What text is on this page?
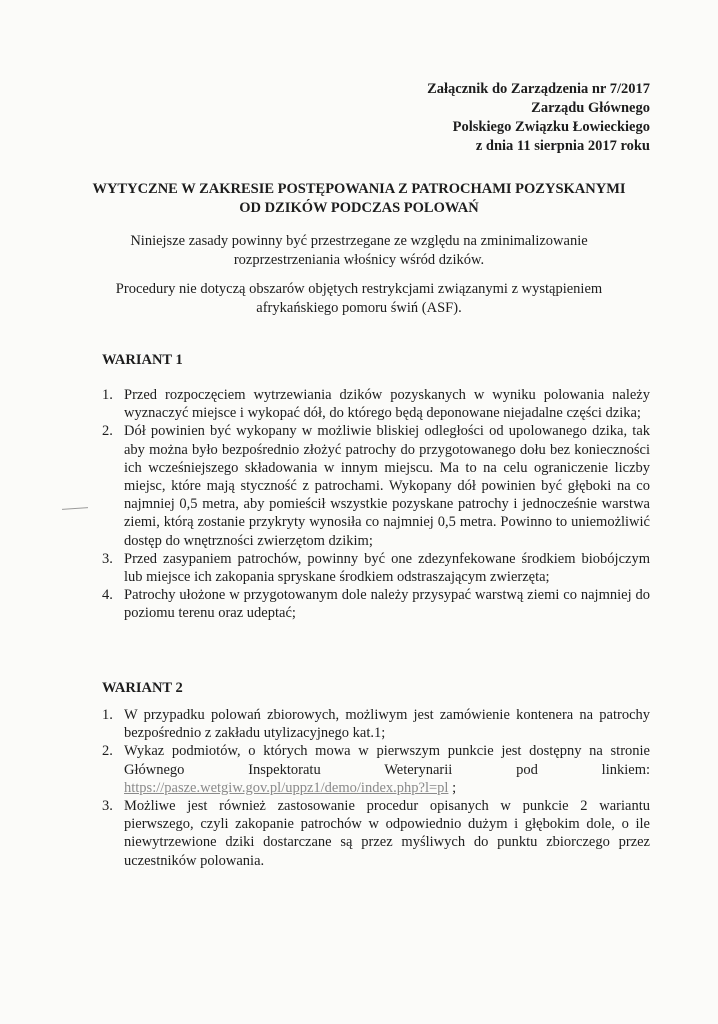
Załącznik do Zarządzenia nr 7/2017
Zarządu Głównego
Polskiego Związku Łowieckiego
z dnia 11 sierpnia 2017 roku
WYTYCZNE W ZAKRESIE POSTĘPOWANIA Z PATROCHAMI POZYSKANYMI
OD DZIKÓW PODCZAS POLOWAŃ
Niniejsze zasady powinny być przestrzegane ze względu na zminimalizowanie
rozprzestrzeniania włośnicy wśród dzików.
Procedury nie dotyczą obszarów objętych restrykcjami związanymi z wystąpieniem
afrykańskiego pomoru świń (ASF).
WARIANT 1
1. Przed rozpoczęciem wytrzewiania dzików pozyskanych w wyniku polowania należy wyznaczyć miejsce i wykopać dół, do którego będą deponowane niejadalne części dzika;
2. Dół powinien być wykopany w możliwie bliskiej odległości od upolowanego dzika, tak aby można było bezpośrednio złożyć patrochy do przygotowanego dołu bez konieczności ich wcześniejszego składowania w innym miejscu. Ma to na celu ograniczenie liczby miejsc, które mają styczność z patrochami. Wykopany dół powinien być głęboki na co najmniej 0,5 metra, aby pomieścił wszystkie pozyskane patrochy i jednocześnie warstwa ziemi, którą zostanie przykryty wynosiła co najmniej 0,5 metra. Powinno to uniemożliwić dostęp do wnętrzności zwierzętom dzikim;
3. Przed zasypaniem patrochów, powinny być one zdezynfekowane środkiem biobójczym lub miejsce ich zakopania spryskane środkiem odstraszającym zwierzęta;
4. Patrochy ułożone w przygotowanym dole należy przysypać warstwą ziemi co najmniej do poziomu terenu oraz udeptać;
WARIANT 2
1. W przypadku polowań zbiorowych, możliwym jest zamówienie kontenera na patrochy bezpośrednio z zakładu utylizacyjnego kat.1;
2. Wykaz podmiotów, o których mowa w pierwszym punkcie jest dostępny na stronie Głównego Inspektoratu Weterynarii pod linkiem: https://pasze.wetgiw.gov.pl/uppz1/demo/index.php?l=pl ;
3. Możliwe jest również zastosowanie procedur opisanych w punkcie 2 wariantu pierwszego, czyli zakopanie patrochów w odpowiednio dużym i głębokim dole, o ile niewytrzewione dziki dostarczane są przez myśliwych do punktu zbiorczego przez uczestników polowania.
